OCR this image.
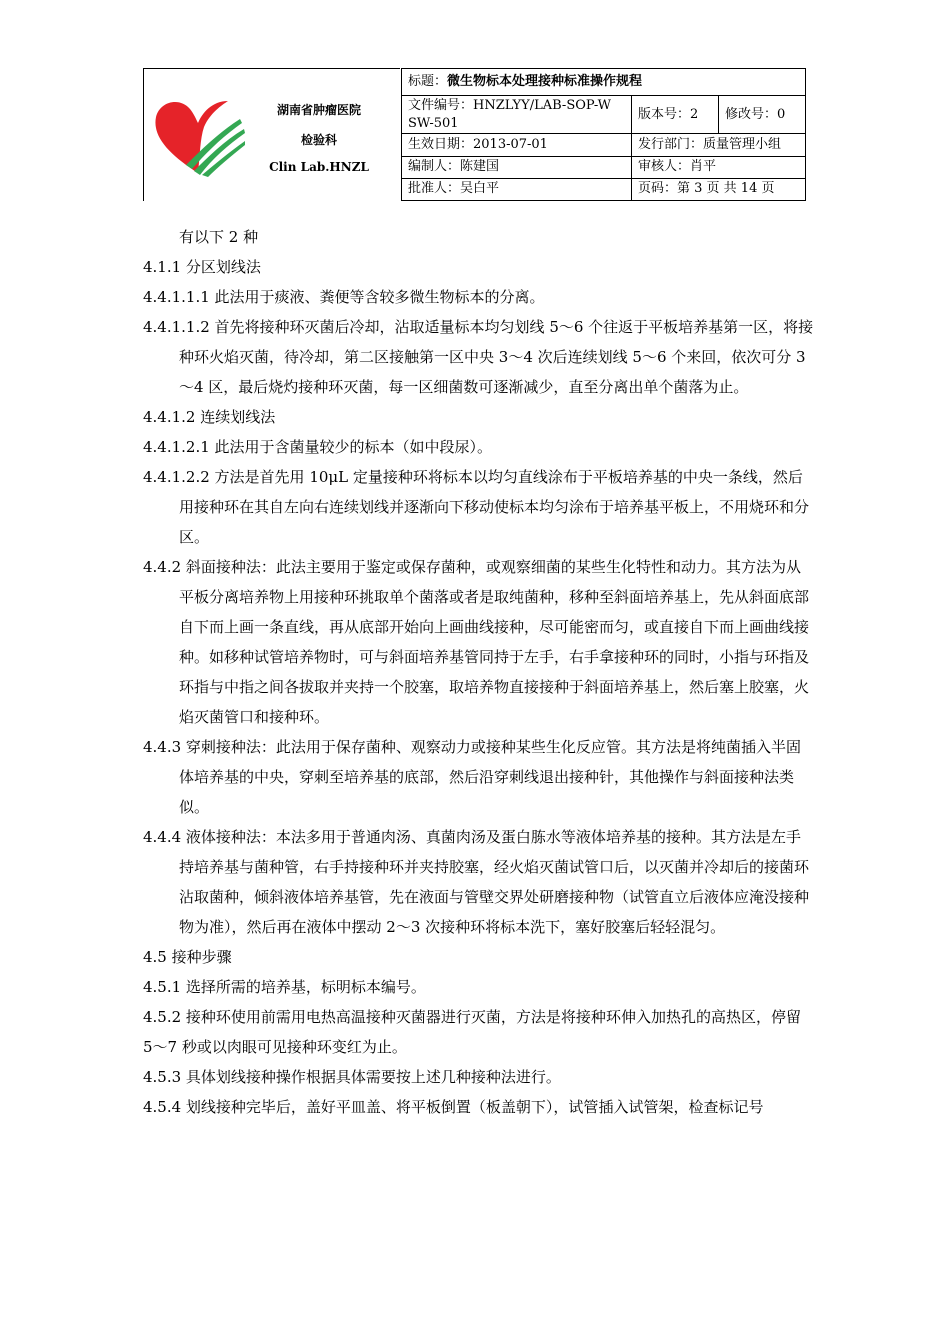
湖南省肿瘤医院
检验科
Clin Lab.HNZL
标题：微生物标本处理接种标准操作规程		
文件编号：HNZLYY/LAB-SOP-W
SW-501	版本号：2	修改号：0
生效日期：2013-07-01	发行部门：质量管理小组	
编制人：陈建国	审核人：肖平	
批准人：吴白平	页码：第 3 页 共 14 页	

有以下 2 种

4.1.1 分区划线法

4.4.1.1.1 此法用于痰液、粪便等含较多微生物标本的分离。

4.4.1.1.2 首先将接种环灭菌后冷却，沾取适量标本均匀划线 5～6 个往返于平板培养基第一区，将接种环火焰灭菌，待冷却，第二区接触第一区中央 3～4 次后连续划线 5～6 个来回，依次可分 3～4 区，最后烧灼接种环灭菌，每一区细菌数可逐渐减少，直至分离出单个菌落为止。

4.4.1.2 连续划线法

4.4.1.2.1 此法用于含菌量较少的标本（如中段尿）。

4.4.1.2.2 方法是首先用 10μL 定量接种环将标本以均匀直线涂布于平板培养基的中央一条线，然后用接种环在其自左向右连续划线并逐渐向下移动使标本均匀涂布于培养基平板上，不用烧环和分区。

4.4.2 斜面接种法：此法主要用于鉴定或保存菌种，或观察细菌的某些生化特性和动力。其方法为从平板分离培养物上用接种环挑取单个菌落或者是取纯菌种，移种至斜面培养基上，先从斜面底部自下而上画一条直线，再从底部开始向上画曲线接种，尽可能密而匀，或直接自下而上画曲线接种。如移种试管培养物时，可与斜面培养基管同持于左手，右手拿接种环的同时，小指与环指及环指与中指之间各拔取并夹持一个胶塞，取培养物直接接种于斜面培养基上，然后塞上胶塞，火焰灭菌管口和接种环。

4.4.3 穿刺接种法：此法用于保存菌种、观察动力或接种某些生化反应管。其方法是将纯菌插入半固体培养基的中央，穿刺至培养基的底部，然后沿穿刺线退出接种针，其他操作与斜面接种法类似。

4.4.4 液体接种法：本法多用于普通肉汤、真菌肉汤及蛋白胨水等液体培养基的接种。其方法是左手持培养基与菌种管，右手持接种环并夹持胶塞，经火焰灭菌试管口后，以灭菌并冷却后的接菌环沾取菌种，倾斜液体培养基管，先在液面与管壁交界处研磨接种物（试管直立后液体应淹没接种物为准），然后再在液体中摆动 2～3 次接种环将标本洗下，塞好胶塞后轻轻混匀。

4.5 接种步骤

4.5.1 选择所需的培养基，标明标本编号。

4.5.2 接种环使用前需用电热高温接种灭菌器进行灭菌，方法是将接种环伸入加热孔的高热区，停留 5～7 秒或以肉眼可见接种环变红为止。

4.5.3 具体划线接种操作根据具体需要按上述几种接种法进行。

4.5.4 划线接种完毕后，盖好平皿盖、将平板倒置（板盖朝下），试管插入试管架，检查标记号
